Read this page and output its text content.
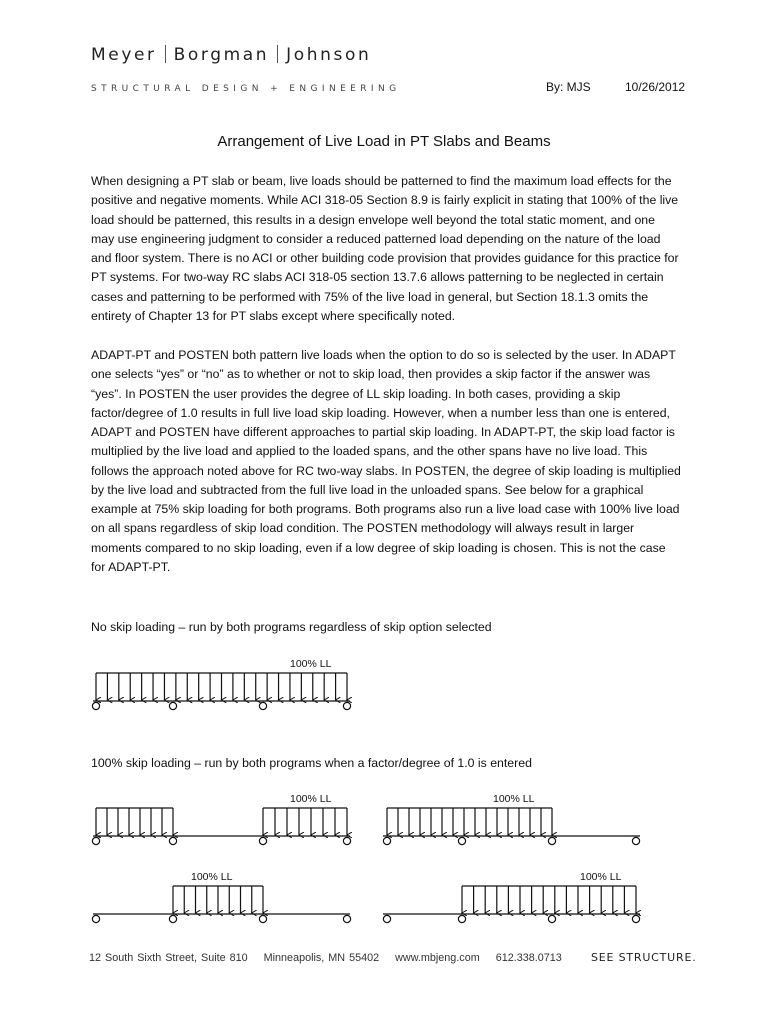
Meyer Borgman Johnson
STRUCTURAL DESIGN + ENGINEERING	By: MJS	10/26/2012
Arrangement of Live Load in PT Slabs and Beams

When designing a PT slab or beam, live loads should be patterned to find the maximum load effects for the positive and negative moments. While ACI 318-05 Section 8.9 is fairly explicit in stating that 100% of the live load should be patterned, this results in a design envelope well beyond the total static moment, and one may use engineering judgment to consider a reduced patterned load depending on the nature of the load and floor system. There is no ACI or other building code provision that provides guidance for this practice for PT systems. For two-way RC slabs ACI 318-05 section 13.7.6 allows patterning to be neglected in certain cases and patterning to be performed with 75% of the live load in general, but Section 18.1.3 omits the entirety of Chapter 13 for PT slabs except where specifically noted.

ADAPT-PT and POSTEN both pattern live loads when the option to do so is selected by the user. In ADAPT one selects “yes” or “no” as to whether or not to skip load, then provides a skip factor if the answer was “yes”. In POSTEN the user provides the degree of LL skip loading. In both cases, providing a skip factor/degree of 1.0 results in full live load skip loading. However, when a number less than one is entered, ADAPT and POSTEN have different approaches to partial skip loading. In ADAPT-PT, the skip load factor is multiplied by the live load and applied to the loaded spans, and the other spans have no live load. This follows the approach noted above for RC two-way slabs. In POSTEN, the degree of skip loading is multiplied by the live load and subtracted from the full live load in the unloaded spans. See below for a graphical example at 75% skip loading for both programs. Both programs also run a live load case with 100% live load on all spans regardless of skip load condition. The POSTEN methodology will always result in larger moments compared to no skip loading, even if a low degree of skip loading is chosen. This is not the case for ADAPT-PT.

No skip loading – run by both programs regardless of skip option selected
100% skip loading – run by both programs when a factor/degree of 1.0 is entered
100% LL
100% LL	100% LL
100% LL	100% LL
12 South Sixth Street, Suite 810 Minneapolis, MN 55402 www.mbjeng.com 612.338.0713	SEE STRUCTURE.
